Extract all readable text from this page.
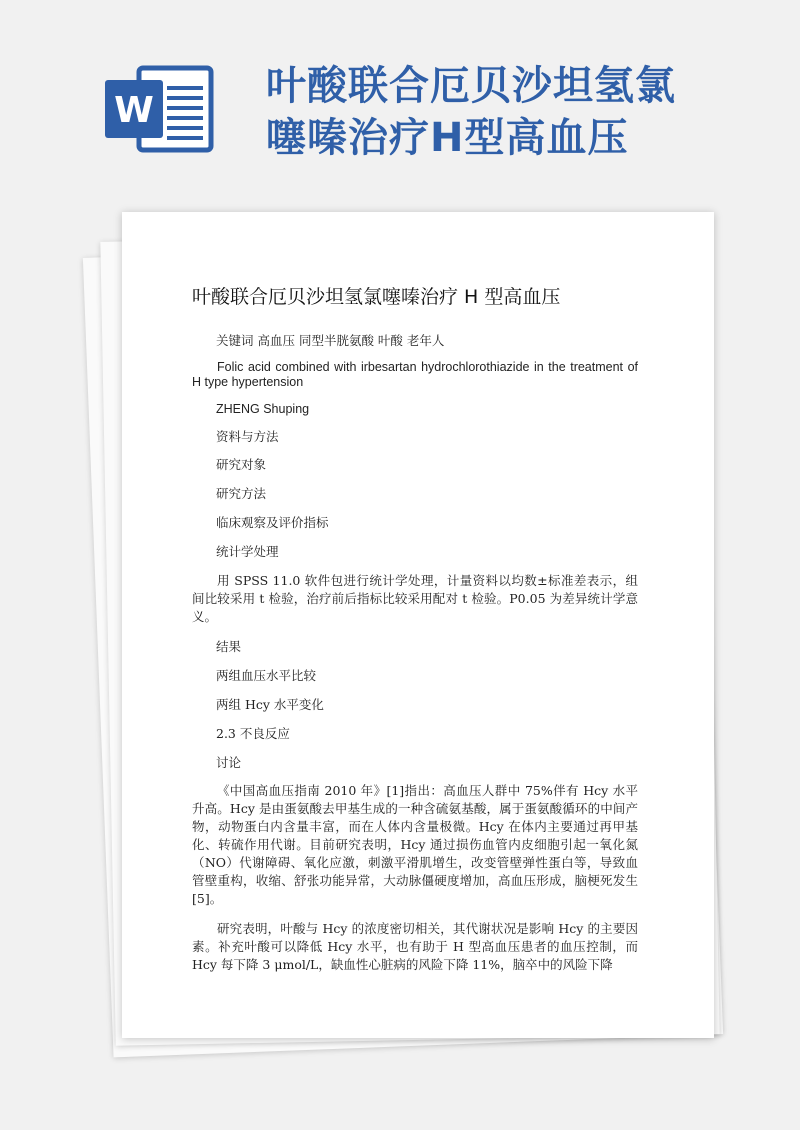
W
叶酸联合厄贝沙坦氢氯
噻嗪治疗H型高血压
叶酸联合厄贝沙坦氢氯噻嗪治疗 H 型高血压
关键词 高血压 同型半胱氨酸 叶酸 老年人
Folic acid combined with irbesartan hydrochlorothiazide in the treatment of H type hypertension
ZHENG Shuping
资料与方法
研究对象
研究方法
临床观察及评价指标
统计学处理
用 SPSS 11.0 软件包进行统计学处理，计量资料以均数±标准差表示，组间比较采用 t 检验，治疗前后指标比较采用配对 t 检验。P0.05 为差异统计学意义。
结果
两组血压水平比较
两组 Hcy 水平变化
2.3 不良反应
讨论
《中国高血压指南 2010 年》[1]指出：高血压人群中 75%伴有 Hcy 水平升高。Hcy 是由蛋氨酸去甲基生成的一种含硫氨基酸，属于蛋氨酸循环的中间产物，动物蛋白内含量丰富，而在人体内含量极微。Hcy 在体内主要通过再甲基化、转硫作用代谢。目前研究表明，Hcy 通过损伤血管内皮细胞引起一氧化氮（NO）代谢障碍、氧化应激，刺激平滑肌增生，改变管壁弹性蛋白等，导致血管壁重构，收缩、舒张功能异常，大动脉僵硬度增加，高血压形成，脑梗死发生[5]。
研究表明，叶酸与 Hcy 的浓度密切相关，其代谢状况是影响 Hcy 的主要因素。补充叶酸可以降低 Hcy 水平，也有助于 H 型高血压患者的血压控制，而 Hcy 每下降 3 μmol/L，缺血性心脏病的风险下降 11%，脑卒中的风险下降
